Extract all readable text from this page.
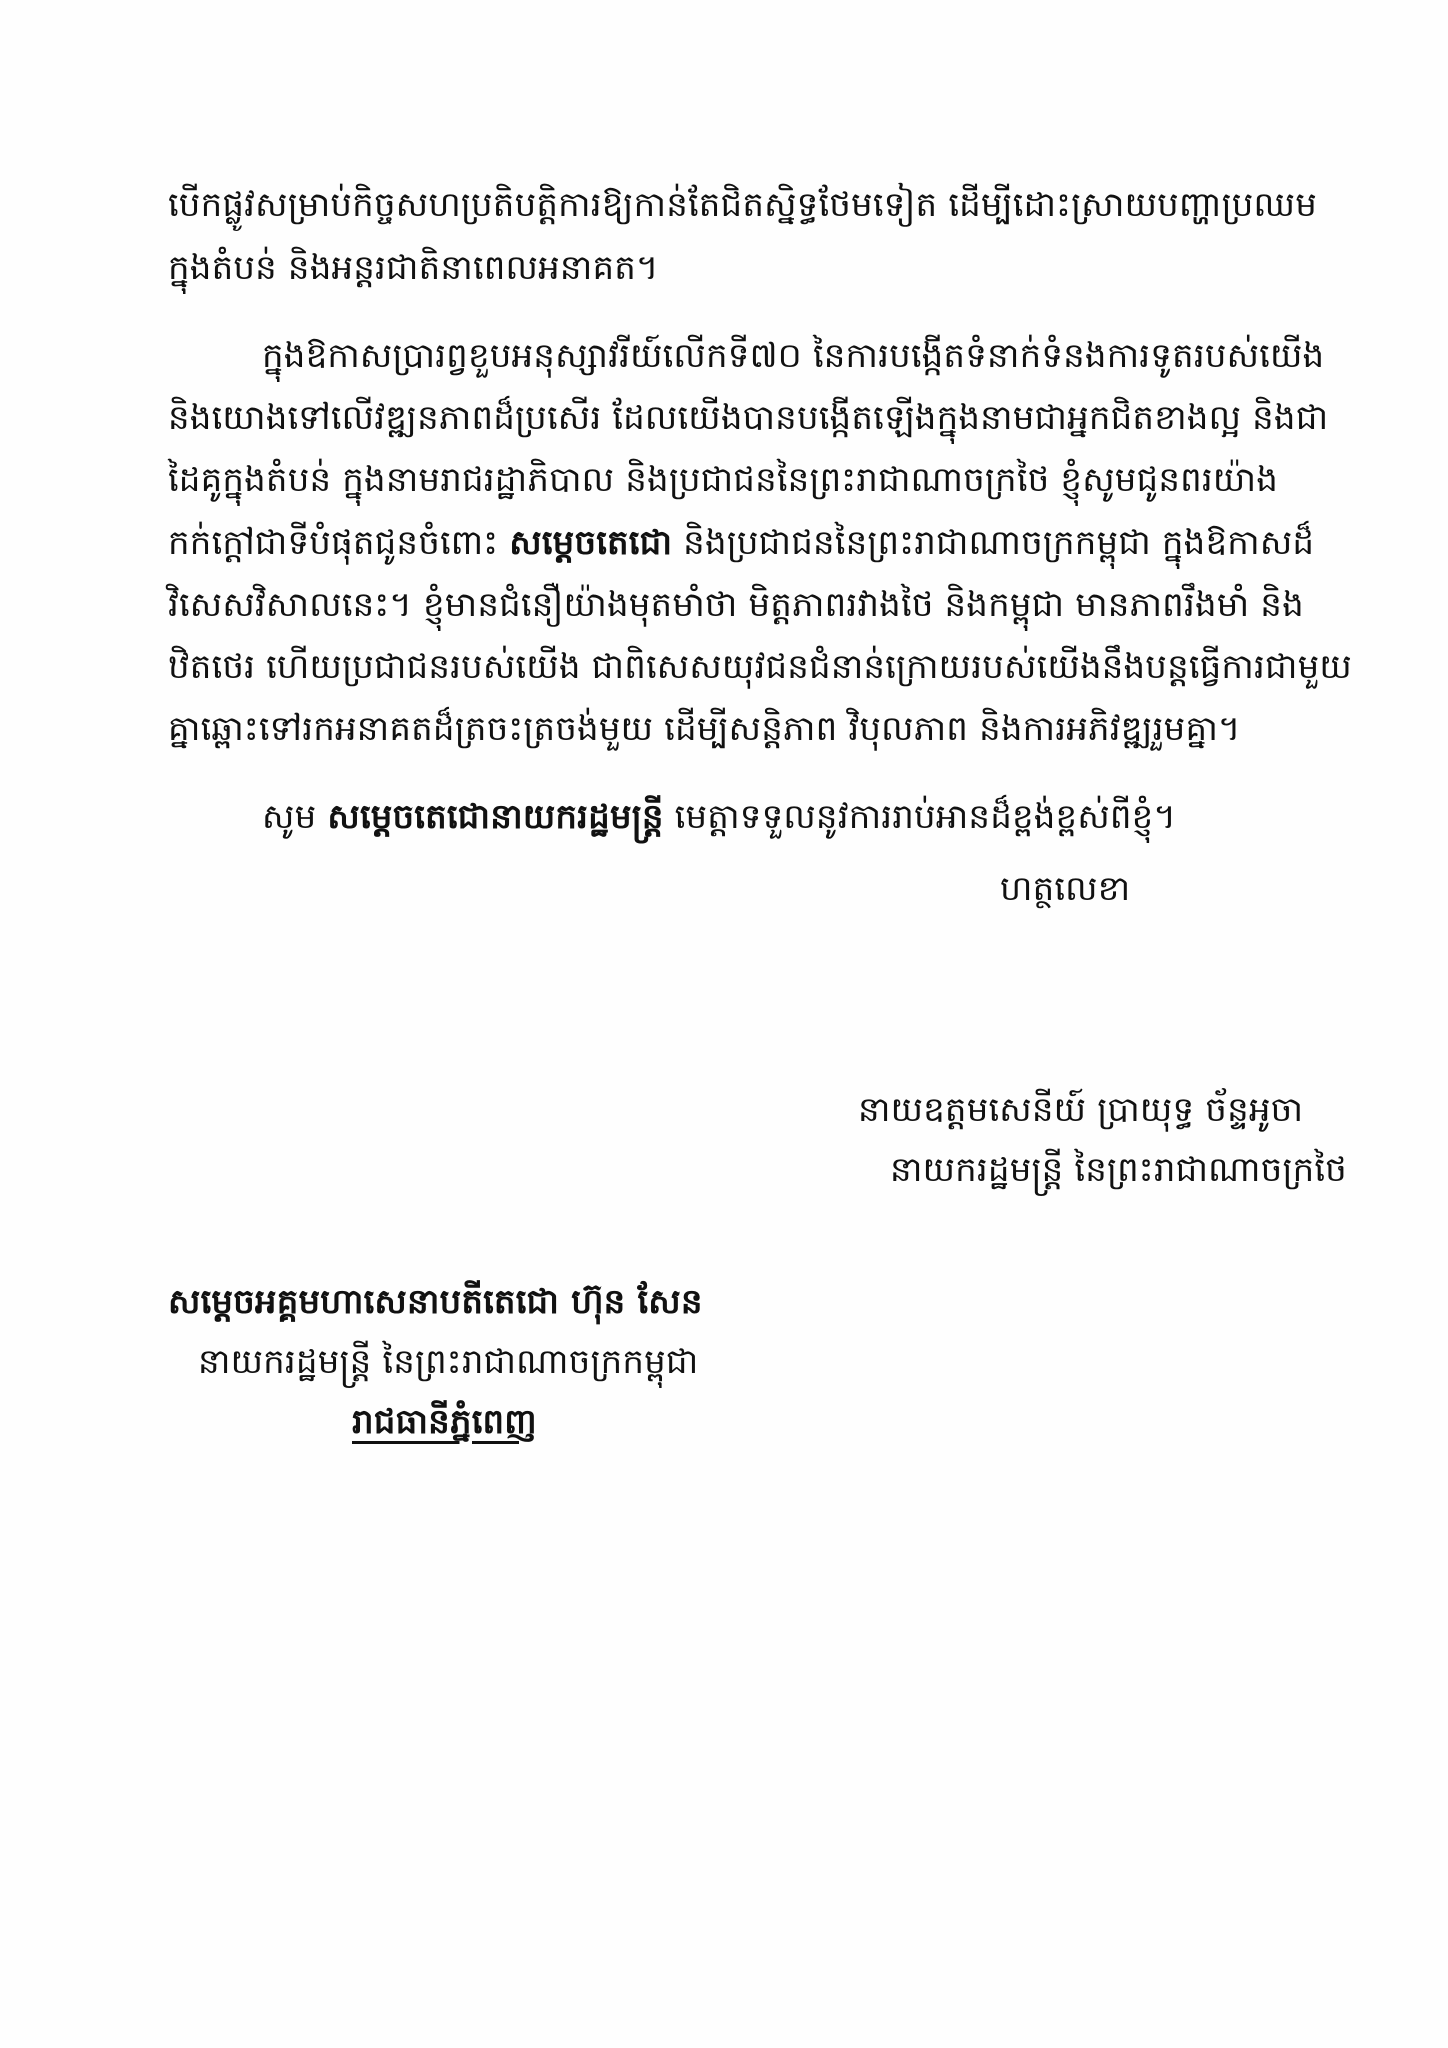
បើកផ្លូវសម្រាប់កិច្ចសហប្រតិបត្តិការឱ្យកាន់តែជិតស្និទ្ធថែមទៀត ដើម្បីដោះស្រាយបញ្ហាប្រឈម
ក្នុងតំបន់ និងអន្តរជាតិនាពេលអនាគត។
ក្នុងឱកាសប្រារព្វខួបអនុស្សាវរីយ៍លើកទី៧០ នៃការបង្កើតទំនាក់ទំនងការទូតរបស់យើង
និងយោងទៅលើវឌ្ឍនភាពដ៏ប្រសើរ ដែលយើងបានបង្កើតឡើងក្នុងនាមជាអ្នកជិតខាងល្អ និងជា
ដៃគូក្នុងតំបន់ ក្នុងនាមរាជរដ្ឋាភិបាល និងប្រជាជននៃព្រះរាជាណាចក្រថៃ ខ្ញុំសូមជូនពរយ៉ាង
កក់ក្ដៅជាទីបំផុតជូនចំពោះ សម្ដេចតេជោ និងប្រជាជននៃព្រះរាជាណាចក្រកម្ពុជា ក្នុងឱកាសដ៏
វិសេសវិសាលនេះ។ ខ្ញុំមានជំនឿយ៉ាងមុតមាំថា មិត្តភាពរវាងថៃ និងកម្ពុជា មានភាពរឹងមាំ និង
ឋិតថេរ ហើយប្រជាជនរបស់យើង ជាពិសេសយុវជនជំនាន់ក្រោយរបស់យើងនឹងបន្តធ្វើការជាមួយ
គ្នាឆ្ពោះទៅរកអនាគតដ៏ត្រចះត្រចង់មួយ ដើម្បីសន្តិភាព វិបុលភាព និងការអភិវឌ្ឍរួមគ្នា។
សូម សម្ដេចតេជោនាយករដ្ឋមន្ត្រី មេត្តាទទួលនូវការរាប់អានដ៏ខ្ពង់ខ្ពស់ពីខ្ញុំ។
ហត្ថលេខា
នាយឧត្តមសេនីយ៍ ប្រាយុទ្ធ ច័ន្ទអូចា
នាយករដ្ឋមន្ត្រី នៃព្រះរាជាណាចក្រថៃ
សម្ដេចអគ្គមហាសេនាបតីតេជោ ហ៊ុន សែន
នាយករដ្ឋមន្ត្រី នៃព្រះរាជាណាចក្រកម្ពុជា
រាជធានីភ្នំពេញ
